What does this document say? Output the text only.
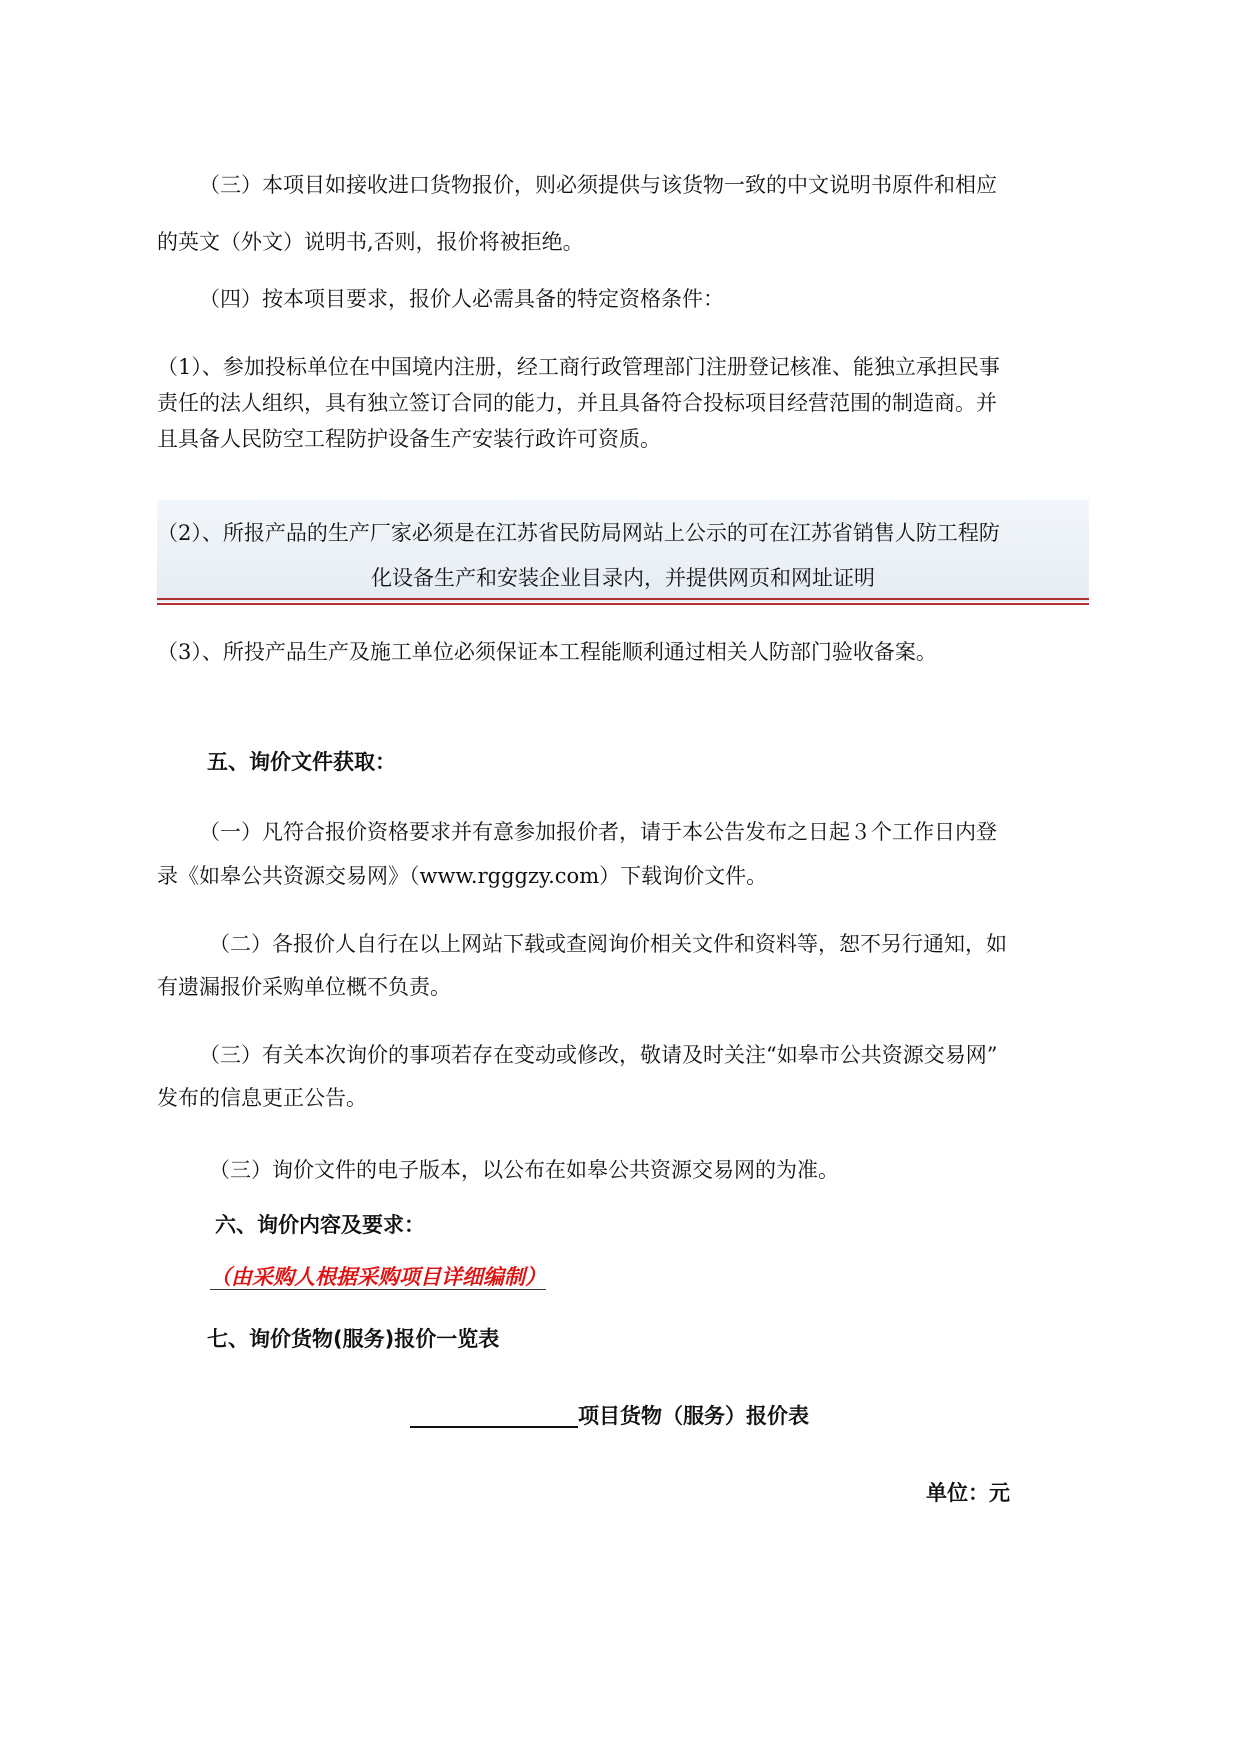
（三）本项目如接收进口货物报价，则必须提供与该货物一致的中文说明书原件和相应

的英文（外文）说明书,否则，报价将被拒绝。

（四）按本项目要求，报价人必需具备的特定资格条件：

（1）、参加投标单位在中国境内注册，经工商行政管理部门注册登记核准、能独立承担民事

责任的法人组织，具有独立签订合同的能力，并且具备符合投标项目经营范围的制造商。并

且具备人民防空工程防护设备生产安装行政许可资质。

（2）、所报产品的生产厂家必须是在江苏省民防局网站上公示的可在江苏省销售人防工程防

化设备生产和安装企业目录内，并提供网页和网址证明

（3）、所投产品生产及施工单位必须保证本工程能顺利通过相关人防部门验收备案。

五、询价文件获取：

（一）凡符合报价资格要求并有意参加报价者，请于本公告发布之日起３个工作日内登

录《如皋公共资源交易网》（www.rgggzy.com）下载询价文件。

（二）各报价人自行在以上网站下载或查阅询价相关文件和资料等，恕不另行通知，如

有遗漏报价采购单位概不负责。

（三）有关本次询价的事项若存在变动或修改，敬请及时关注“如皋市公共资源交易网”

发布的信息更正公告。

（三）询价文件的电子版本，以公布在如皋公共资源交易网的为准。

六、询价内容及要求：

（由采购人根据采购项目详细编制）

七、询价货物(服务)报价一览表

________________项目货物（服务）报价表

单位：元
